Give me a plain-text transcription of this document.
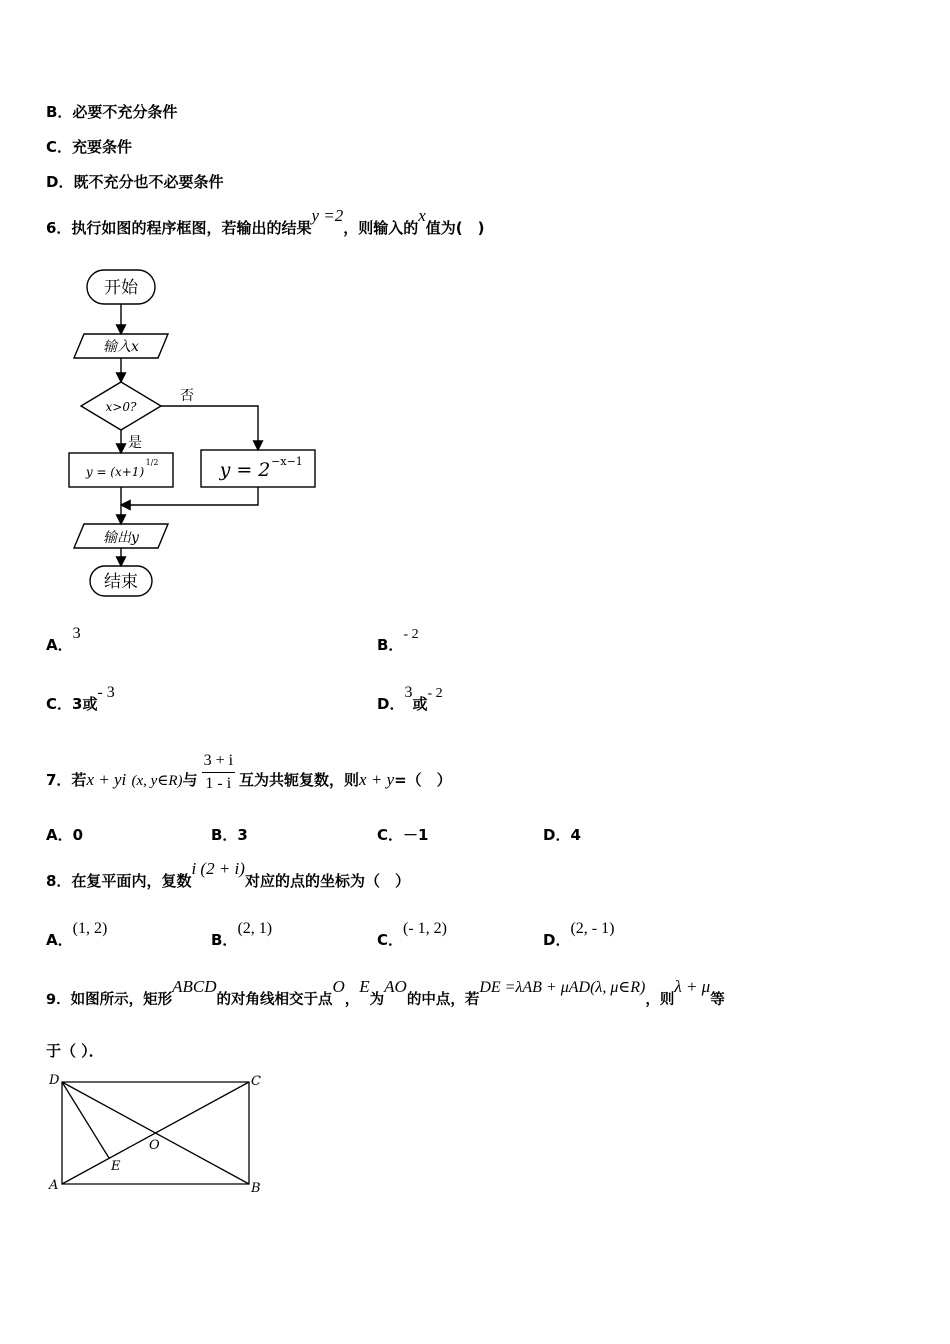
B．必要不充分条件
C．充要条件
D．既不充分也不必要条件
6．执行如图的程序框图，若输出的结果y =2，则输入的x值为(　)
开始
输入x
x>0?
否
是
y = (x+1)
1/2	y = 2 −x−1
输出y
结束
A．3
B．- 2
C．3或- 3
D．3或- 2
7．若x + yi (x, y∈R)与 $\frac{3 + i}{1 - i}$ 互为共轭复数，则x + y=（　）
A．0	B．3	C．－1	D．4
8．在复平面内，复数i (2 + i)对应的点的坐标为（　）
A．(1, 2)
B．(2, 1)
C．(- 1, 2)
D．(2, - 1)
9．如图所示，矩形ABCD的对角线相交于点O，E为AO的中点，若DE =λAB + μAD(λ, μ∈R)，则λ + μ等
于（ ）．
D	C
A	B
O
E
